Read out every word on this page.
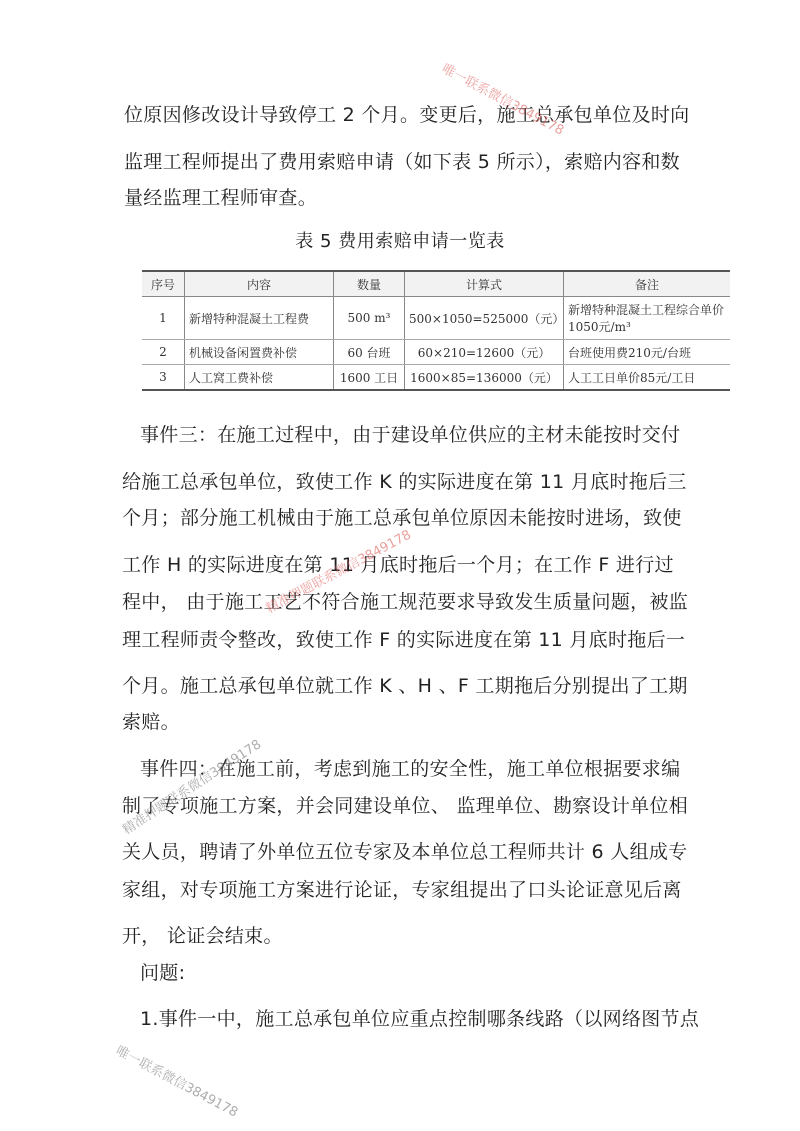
位原因修改设计导致停工 2 个月。变更后，施工总承包单位及时向
监理工程师提出了费用索赔申请（如下表 5 所示），索赔内容和数
量经监理工程师审查。
表 5 费用索赔申请一览表
序号	内容	数量	计算式	备注
1	新增特种混凝土工程费	500 m³	500×1050=525000（元）	新增特种混凝土工程综合单价1050元/m³
2	机械设备闲置费补偿	60 台班	60×210=12600（元）	台班使用费210元/台班
3	人工窝工费补偿	1600 工日	1600×85=136000（元）	人工工日单价85元/工日
事件三：在施工过程中，由于建设单位供应的主材未能按时交付
给施工总承包单位，致使工作 K 的实际进度在第 11 月底时拖后三
个月；部分施工机械由于施工总承包单位原因未能按时进场，致使
工作 H 的实际进度在第 11 月底时拖后一个月；在工作 F 进行过
程中， 由于施工工艺不符合施工规范要求导致发生质量问题，被监
理工程师责令整改，致使工作 F 的实际进度在第 11 月底时拖后一
个月。施工总承包单位就工作 K 、H 、F 工期拖后分别提出了工期
索赔。
事件四：在施工前，考虑到施工的安全性，施工单位根据要求编
制了专项施工方案，并会同建设单位、 监理单位、勘察设计单位相
关人员，聘请了外单位五位专家及本单位总工程师共计 6 人组成专
家组，对专项施工方案进行论证，专家组提出了口头论证意见后离
开， 论证会结束。
问题:
1.事件一中，施工总承包单位应重点控制哪条线路（以网络图节点
唯一联系微信3849178
精准押题联系微信3849178
精准押题联系微信3849178
唯一联系微信3849178
